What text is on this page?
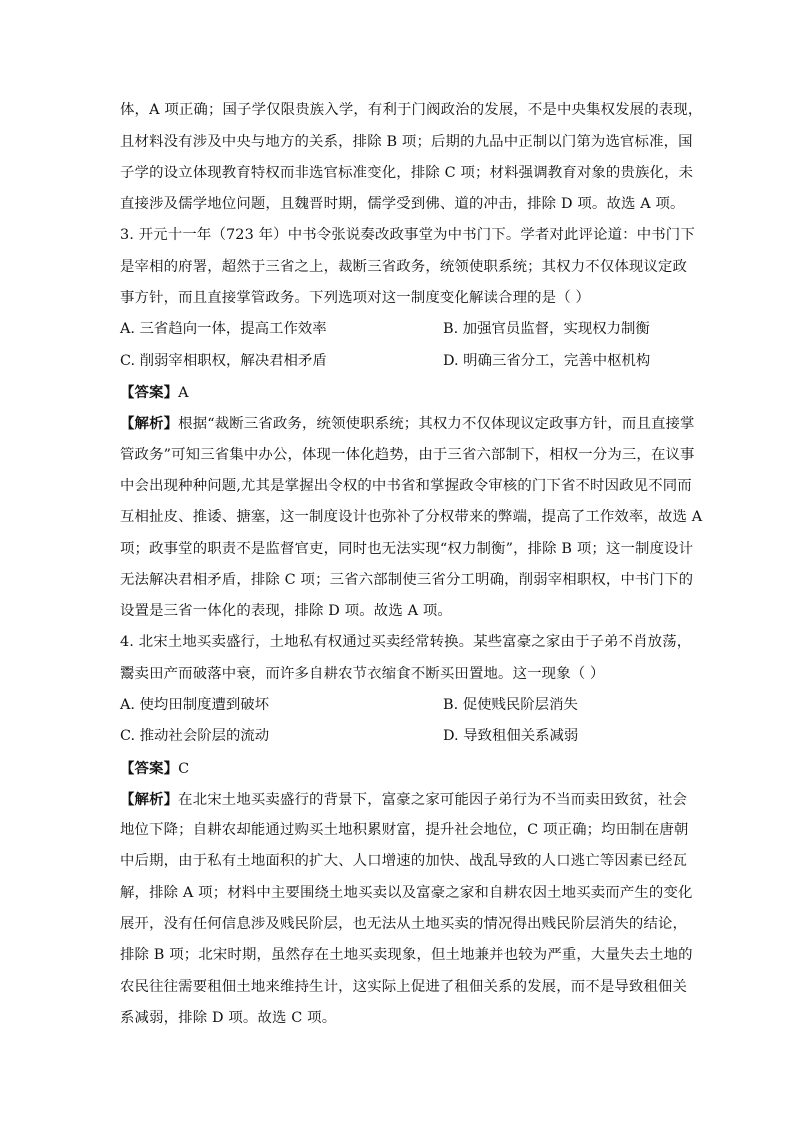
体，A 项正确；国子学仅限贵族入学，有利于门阀政治的发展，不是中央集权发展的表现，
且材料没有涉及中央与地方的关系，排除 B 项；后期的九品中正制以门第为选官标准，国
子学的设立体现教育特权而非选官标准变化，排除 C 项；材料强调教育对象的贵族化，未
直接涉及儒学地位问题，且魏晋时期，儒学受到佛、道的冲击，排除 D 项。故选 A 项。
3. 开元十一年（723 年）中书令张说奏改政事堂为中书门下。学者对此评论道：中书门下
是宰相的府署，超然于三省之上，裁断三省政务，统领使职系统；其权力不仅体现议定政
事方针，而且直接掌管政务。下列选项对这一制度变化解读合理的是（ ）
A. 三省趋向一体，提高工作效率	B. 加强官员监督，实现权力制衡
C. 削弱宰相职权，解决君相矛盾	D. 明确三省分工，完善中枢机构
【答案】A
【解析】根据“裁断三省政务，统领使职系统；其权力不仅体现议定政事方针，而且直接掌
管政务”可知三省集中办公，体现一体化趋势，由于三省六部制下，相权一分为三，在议事
中会出现种种问题,尤其是掌握出令权的中书省和掌握政令审核的门下省不时因政见不同而
互相扯皮、推诿、搪塞，这一制度设计也弥补了分权带来的弊端，提高了工作效率，故选 A
项；政事堂的职责不是监督官吏，同时也无法实现“权力制衡”，排除 B 项；这一制度设计
无法解决君相矛盾，排除 C 项；三省六部制使三省分工明确，削弱宰相职权，中书门下的
设置是三省一体化的表现，排除 D 项。故选 A 项。
4. 北宋土地买卖盛行，土地私有权通过买卖经常转换。某些富豪之家由于子弟不肖放荡，
鬻卖田产而破落中衰，而许多自耕农节衣缩食不断买田置地。这一现象（ ）
A. 使均田制度遭到破坏	B. 促使贱民阶层消失
C. 推动社会阶层的流动	D. 导致租佃关系减弱
【答案】C
【解析】在北宋土地买卖盛行的背景下，富豪之家可能因子弟行为不当而卖田致贫，社会
地位下降；自耕农却能通过购买土地积累财富，提升社会地位，C 项正确；均田制在唐朝
中后期，由于私有土地面积的扩大、人口增速的加快、战乱导致的人口逃亡等因素已经瓦
解，排除 A 项；材料中主要围绕土地买卖以及富豪之家和自耕农因土地买卖而产生的变化
展开，没有任何信息涉及贱民阶层，也无法从土地买卖的情况得出贱民阶层消失的结论，
排除 B 项；北宋时期，虽然存在土地买卖现象，但土地兼并也较为严重，大量失去土地的
农民往往需要租佃土地来维持生计，这实际上促进了租佃关系的发展，而不是导致租佃关
系减弱，排除 D 项。故选 C 项。
